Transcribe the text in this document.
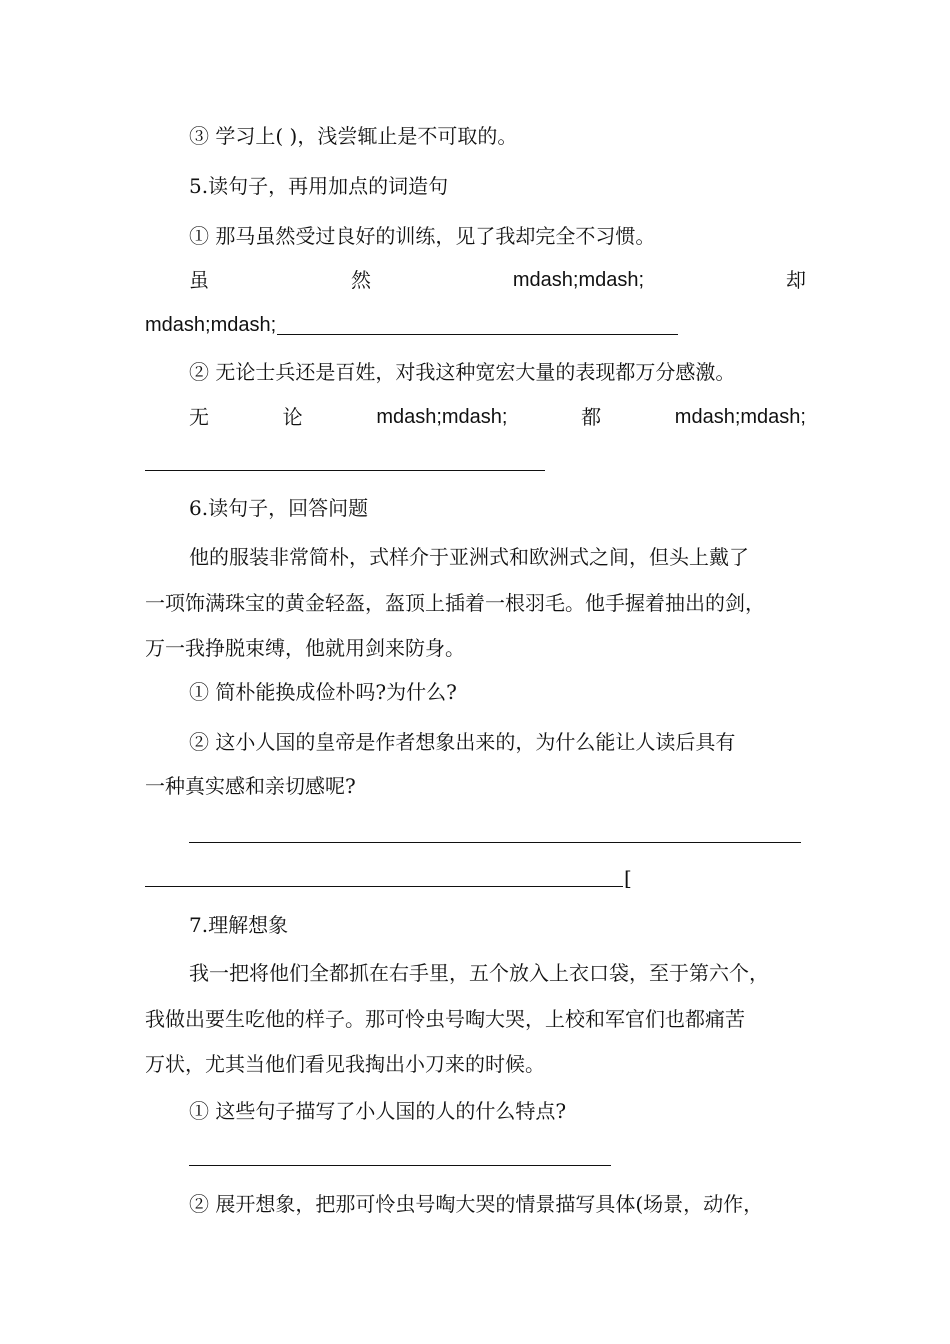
③ 学习上( )，浅尝辄止是不可取的。
5.读句子，再用加点的词造句
① 那马虽然受过良好的训练，见了我却完全不习惯。
虽	然	mdash;mdash;	却
mdash;mdash;
② 无论士兵还是百姓，对我这种宽宏大量的表现都万分感激。
无	论	mdash;mdash;	都	mdash;mdash;
6.读句子，回答问题
他的服装非常简朴，式样介于亚洲式和欧洲式之间，但头上戴了
一项饰满珠宝的黄金轻盔，盔顶上插着一根羽毛。他手握着抽出的剑，
万一我挣脱束缚，他就用剑来防身。
① 简朴能换成俭朴吗?为什么?
② 这小人国的皇帝是作者想象出来的，为什么能让人读后具有
一种真实感和亲切感呢?
[
7.理解想象
我一把将他们全都抓在右手里，五个放入上衣口袋，至于第六个，
我做出要生吃他的样子。那可怜虫号啕大哭，上校和军官们也都痛苦
万状，尤其当他们看见我掏出小刀来的时候。
① 这些句子描写了小人国的人的什么特点?
② 展开想象，把那可怜虫号啕大哭的情景描写具体(场景，动作，
